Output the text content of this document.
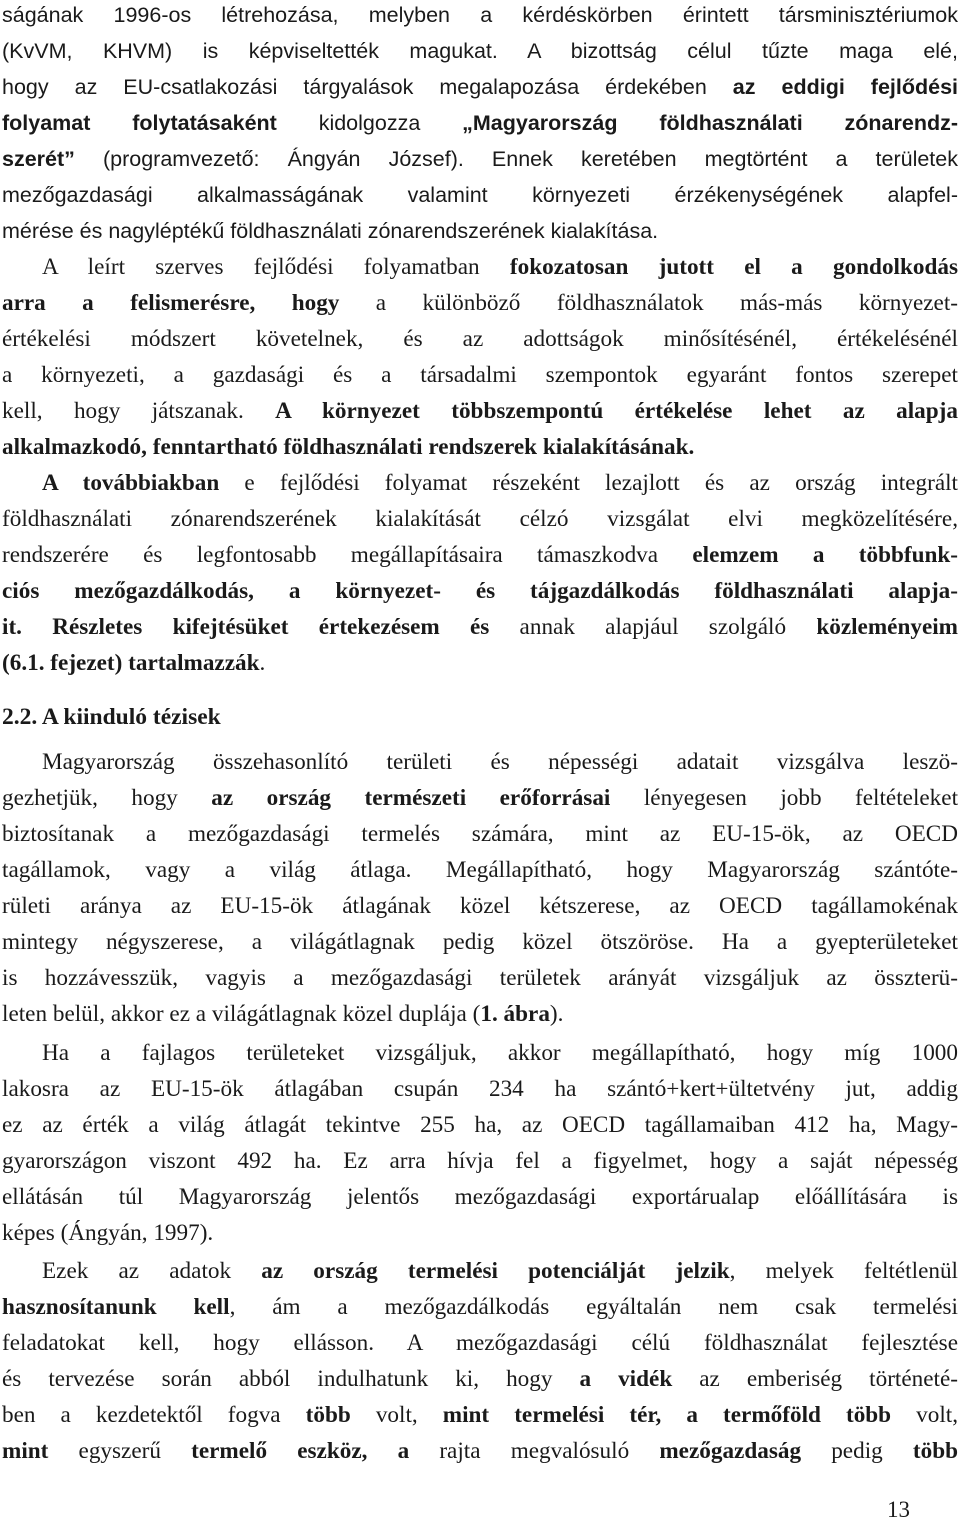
ságának 1996-os létrehozása, melyben a kérdéskörben érintett társminisztériumok
(KvVM, KHVM) is képviseltették magukat. A bizottság célul tűzte maga elé,
hogy az EU-csatlakozási tárgyalások megalapozása érdekében az eddigi fejlődési
folyamat folytatásaként kidolgozza „Magyarország földhasználati zónarendz-
szerét” (programvezető: Ángyán József). Ennek keretében megtörtént a területek
mezőgazdasági alkalmasságának valamint környezeti érzékenységének alapfel-
mérése és nagyléptékű földhasználati zónarendszerének kialakítása.
A leírt szerves fejlődési folyamatban fokozatosan jutott el a gondolkodás
arra a felismerésre, hogy a különböző földhasználatok más-más környezet-
értékelési módszert követelnek, és az adottságok minősítésénél, értékelésénél
a környezeti, a gazdasági és a társadalmi szempontok egyaránt fontos szerepet
kell, hogy játszanak. A környezet többszempontú értékelése lehet az alapja
alkalmazkodó, fenntartható földhasználati rendszerek kialakításának.
A továbbiakban e fejlődési folyamat részeként lezajlott és az ország integrált
földhasználati zónarendszerének kialakítását célzó vizsgálat elvi megközelítésére,
rendszerére és legfontosabb megállapításaira támaszkodva elemzem a többfunk-
ciós mezőgazdálkodás, a környezet- és tájgazdálkodás földhasználati alapja-
it. Részletes kifejtésüket értekezésem és annak alapjául szolgáló közleményeim
(6.1. fejezet) tartalmazzák.
2.2. A kiinduló tézisek
Magyarország összehasonlító területi és népességi adatait vizsgálva leszö-
gezhetjük, hogy az ország természeti erőforrásai lényegesen jobb feltételeket
biztosítanak a mezőgazdasági termelés számára, mint az EU-15-ök, az OECD
tagállamok, vagy a világ átlaga. Megállapítható, hogy Magyarország szántóte-
rületi aránya az EU-15-ök átlagának közel kétszerese, az OECD tagállamokénak
mintegy négyszerese, a világátlagnak pedig közel ötszöröse. Ha a gyepterületeket
is hozzávesszük, vagyis a mezőgazdasági területek arányát vizsgáljuk az összterü-
leten belül, akkor ez a világátlagnak közel duplája (1. ábra).
Ha a fajlagos területeket vizsgáljuk, akkor megállapítható, hogy míg 1000
lakosra az EU-15-ök átlagában csupán 234 ha szántó+kert+ültetvény jut, addig
ez az érték a világ átlagát tekintve 255 ha, az OECD tagállamaiban 412 ha, Magy-
gyarországon viszont 492 ha. Ez arra hívja fel a figyelmet, hogy a saját népesség
ellátásán túl Magyarország jelentős mezőgazdasági exportárualap előállítására is
képes (Ángyán, 1997).
Ezek az adatok az ország termelési potenciálját jelzik, melyek feltétlenül
hasznosítanunk kell, ám a mezőgazdálkodás egyáltalán nem csak termelési
feladatokat kell, hogy ellásson. A mezőgazdasági célú földhasználat fejlesztése
és tervezése során abból indulhatunk ki, hogy a vidék az emberiség történeté-
ben a kezdetektől fogva több volt, mint termelési tér, a termőföld több volt,
mint egyszerű termelő eszköz, a rajta megvalósuló mezőgazdaság pedig több
13
